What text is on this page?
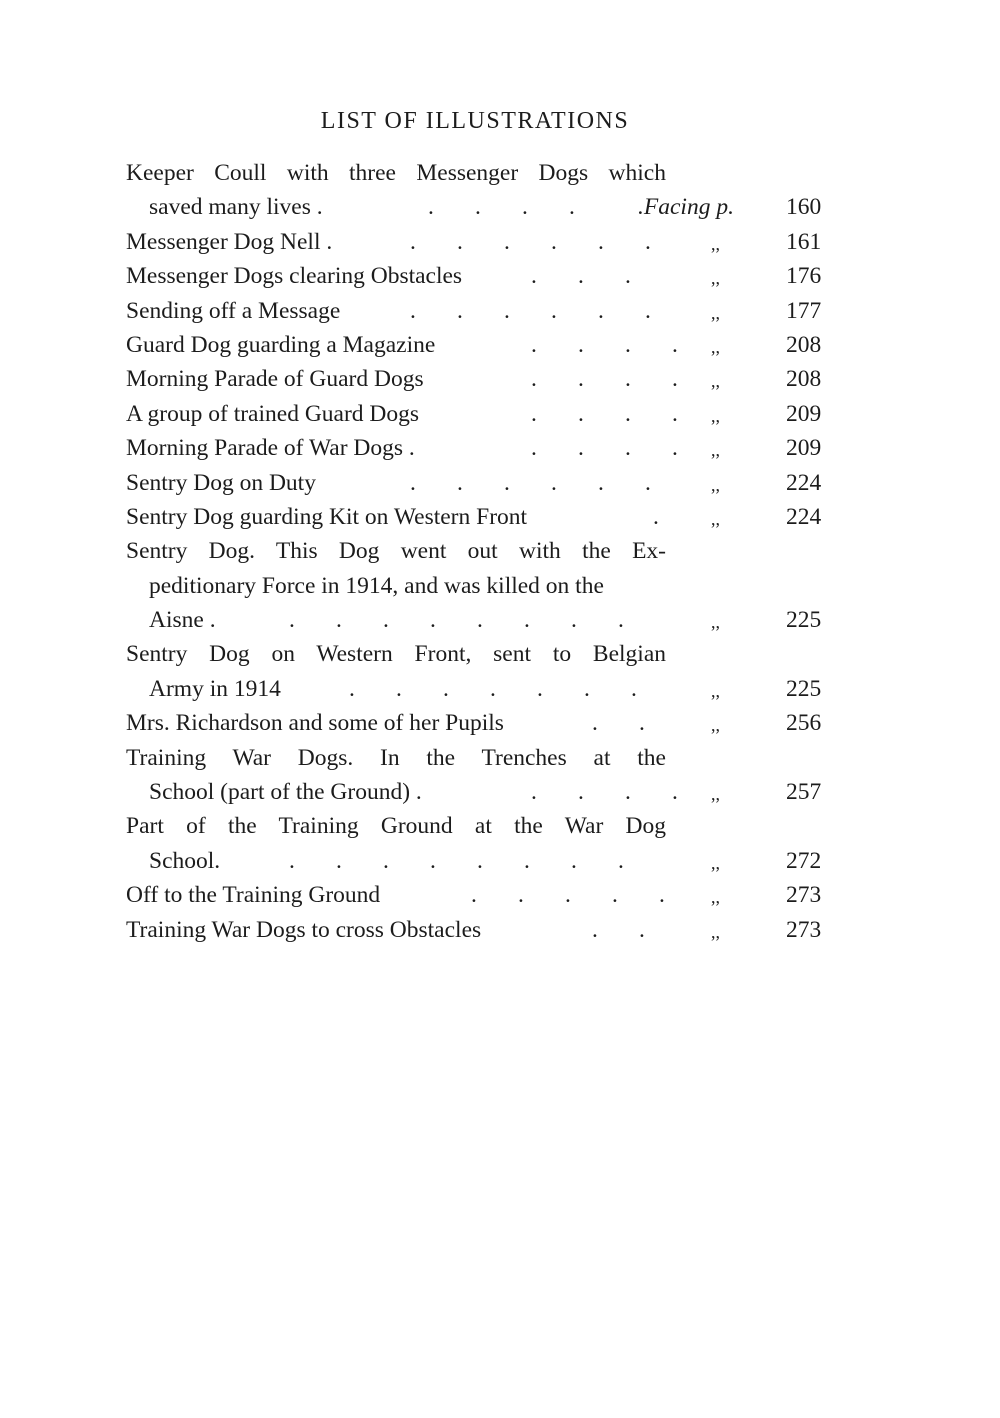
LIST OF ILLUSTRATIONS
Keeper Coull with three Messenger Dogs which
saved many lives .	.       .       .       .	.Facing p. 160
Messenger Dog Nell .	.       .       .       .       .       .	,,	161
Messenger Dogs clearing Obstacles	.       .       .	,,	176
Sending off a Message	.       .       .       .       .       .	,,	177
Guard Dog guarding a Magazine	.       .       .       . ,,	208
Morning Parade of Guard Dogs	.       .       .       . ,,	208
A group of trained Guard Dogs	.       .       .       . ,,	209
Morning Parade of War Dogs .	.       .       .       . ,,	209
Sentry Dog on Duty	.       .       .       .       .       .	,,	224
Sentry Dog guarding Kit on Western Front	.	,,	224
Sentry Dog. This Dog went out with the Ex-
peditionary Force in 1914, and was killed on the
Aisne .	.       .       .       .       .       .       .       .	,,	225
Sentry Dog on Western Front, sent to Belgian
Army in 1914	.       .       .       .       .       .       .	,,	225
Mrs. Richardson and some of her Pupils	.       .	,,	256
Training War Dogs. In the Trenches at the
School (part of the Ground) .	.       .       .       . ,,	257
Part of the Training Ground at the War Dog
School.	.       .       .       .       .       .       .       .	,,	272
Off to the Training Ground	.       .       .       .       .	,,	273
Training War Dogs to cross Obstacles	.       .	,,	273
